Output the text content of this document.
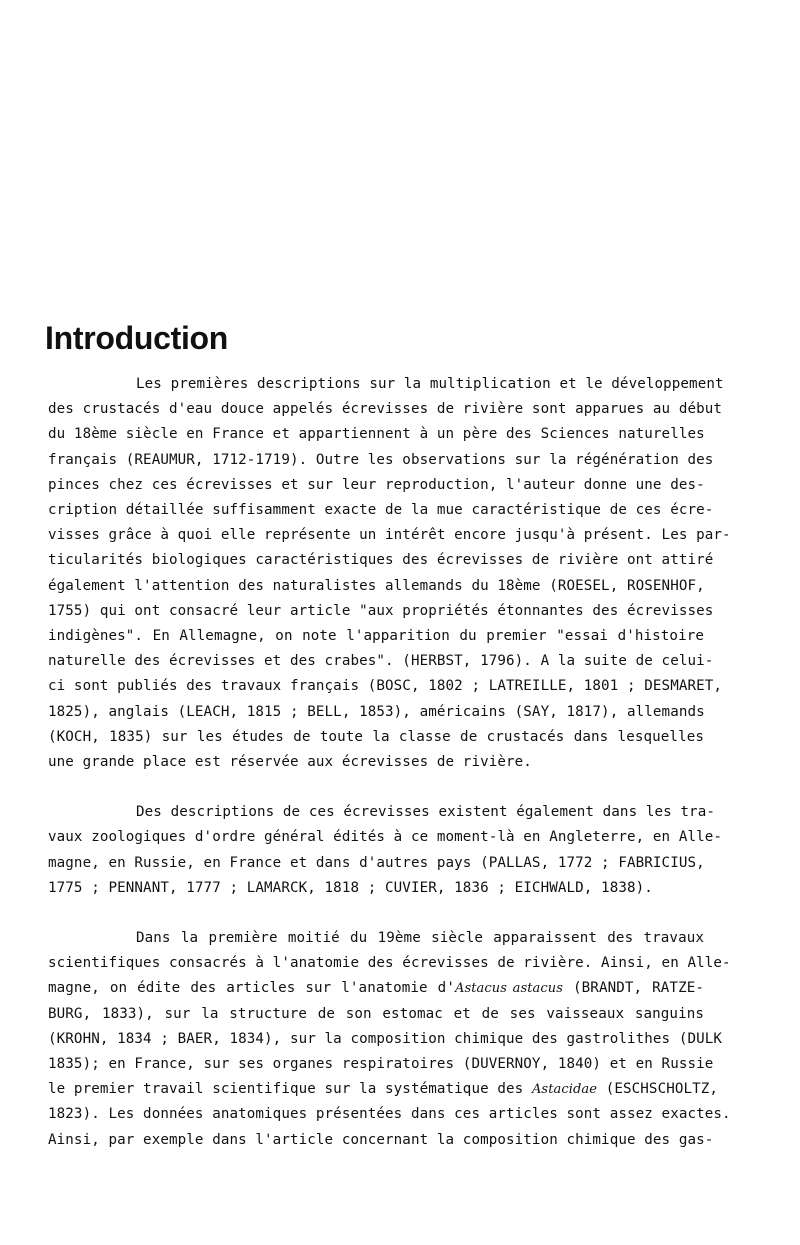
Introduction

Les premières descriptions sur la multiplication et le développement
des crustacés d'eau douce appelés écrevisses de rivière sont apparues au début
du 18ème siècle en France et appartiennent à un père des Sciences naturelles
français (REAUMUR, 1712-1719). Outre les observations sur la régénération des
pinces chez ces écrevisses et sur leur reproduction, l'auteur donne une des-
cription détaillée suffisamment exacte de la mue caractéristique de ces écre-
visses grâce à quoi elle représente un intérêt encore jusqu'à présent. Les par-
ticularités biologiques caractéristiques des écrevisses de rivière ont attiré
également l'attention des naturalistes allemands du 18ème (ROESEL, ROSENHOF,
1755) qui ont consacré leur article "aux propriétés étonnantes des écrevisses
indigènes". En Allemagne, on note l'apparition du premier "essai d'histoire
naturelle des écrevisses et des crabes". (HERBST, 1796). A la suite de celui-
ci sont publiés des travaux français (BOSC, 1802 ; LATREILLE, 1801 ; DESMARET,
1825), anglais (LEACH, 1815 ; BELL, 1853), américains (SAY, 1817), allemands
(KOCH, 1835) sur les études de toute la classe de crustacés dans lesquelles
une grande place est réservée aux écrevisses de rivière.

Des descriptions de ces écrevisses existent également dans les tra-
vaux zoologiques d'ordre général édités à ce moment-là en Angleterre, en Alle-
magne, en Russie, en France et dans d'autres pays (PALLAS, 1772 ; FABRICIUS,
1775 ; PENNANT, 1777 ; LAMARCK, 1818 ; CUVIER, 1836 ; EICHWALD, 1838).

Dans la première moitié du 19ème siècle apparaissent des travaux
scientifiques consacrés à l'anatomie des écrevisses de rivière. Ainsi, en Alle-
magne, on édite des articles sur l'anatomie d'Astacus astacus (BRANDT, RATZE-
BURG, 1833), sur la structure de son estomac et de ses vaisseaux sanguins
(KROHN, 1834 ; BAER, 1834), sur la composition chimique des gastrolithes (DULK
1835); en France, sur ses organes respiratoires (DUVERNOY, 1840) et en Russie
le premier travail scientifique sur la systématique des Astacidae (ESCHSCHOLTZ,
1823). Les données anatomiques présentées dans ces articles sont assez exactes.
Ainsi, par exemple dans l'article concernant la composition chimique des gas-
